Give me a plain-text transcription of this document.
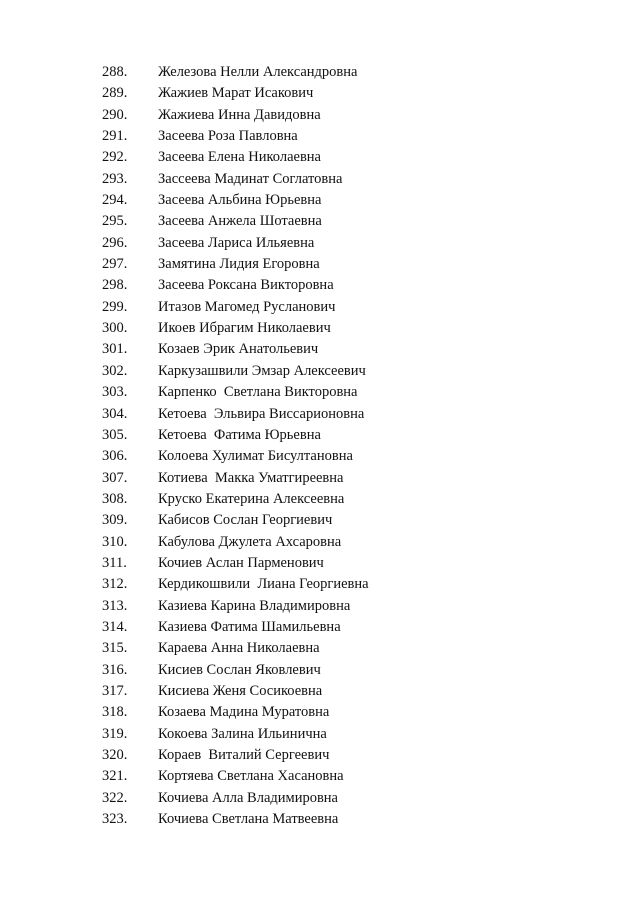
288. Железова Нелли Александровна
289. Жажиев Марат Исакович
290. Жажиева Инна Давидовна
291. Засеева Роза Павловна
292. Засеева Елена Николаевна
293. Зассеева Мадинат Соглатовна
294. Засеева Альбина Юрьевна
295. Засеева Анжела Шотаевна
296. Засеева Лариса Ильяевна
297. Замятина Лидия Егоровна
298. Засеева Роксана Викторовна
299. Итазов Магомед Русланович
300. Икоев Ибрагим Николаевич
301. Козаев Эрик Анатольевич
302. Каркузашвили Эмзар Алексеевич
303. Карпенко  Светлана Викторовна
304. Кетоева  Эльвира Виссарионовна
305. Кетоева  Фатима Юрьевна
306. Колоева Хулимат Бисултановна
307. Котиева  Макка Уматгиреевна
308. Круско Екатерина Алексеевна
309. Кабисов Сослан Георгиевич
310. Кабулова Джулета Ахсаровна
311. Кочиев Аслан Парменович
312. Кердикошвили  Лиана Георгиевна
313. Казиева Карина Владимировна
314. Казиева Фатима Шамильевна
315. Караева Анна Николаевна
316. Кисиев Сослан Яковлевич
317. Кисиева Женя Сосикоевна
318. Козаева Мадина Муратовна
319. Кокоева Залина Ильинична
320. Кораев  Виталий Сергеевич
321. Кортяева Светлана Хасановна
322. Кочиева Алла Владимировна
323. Кочиева Светлана Матвеевна
